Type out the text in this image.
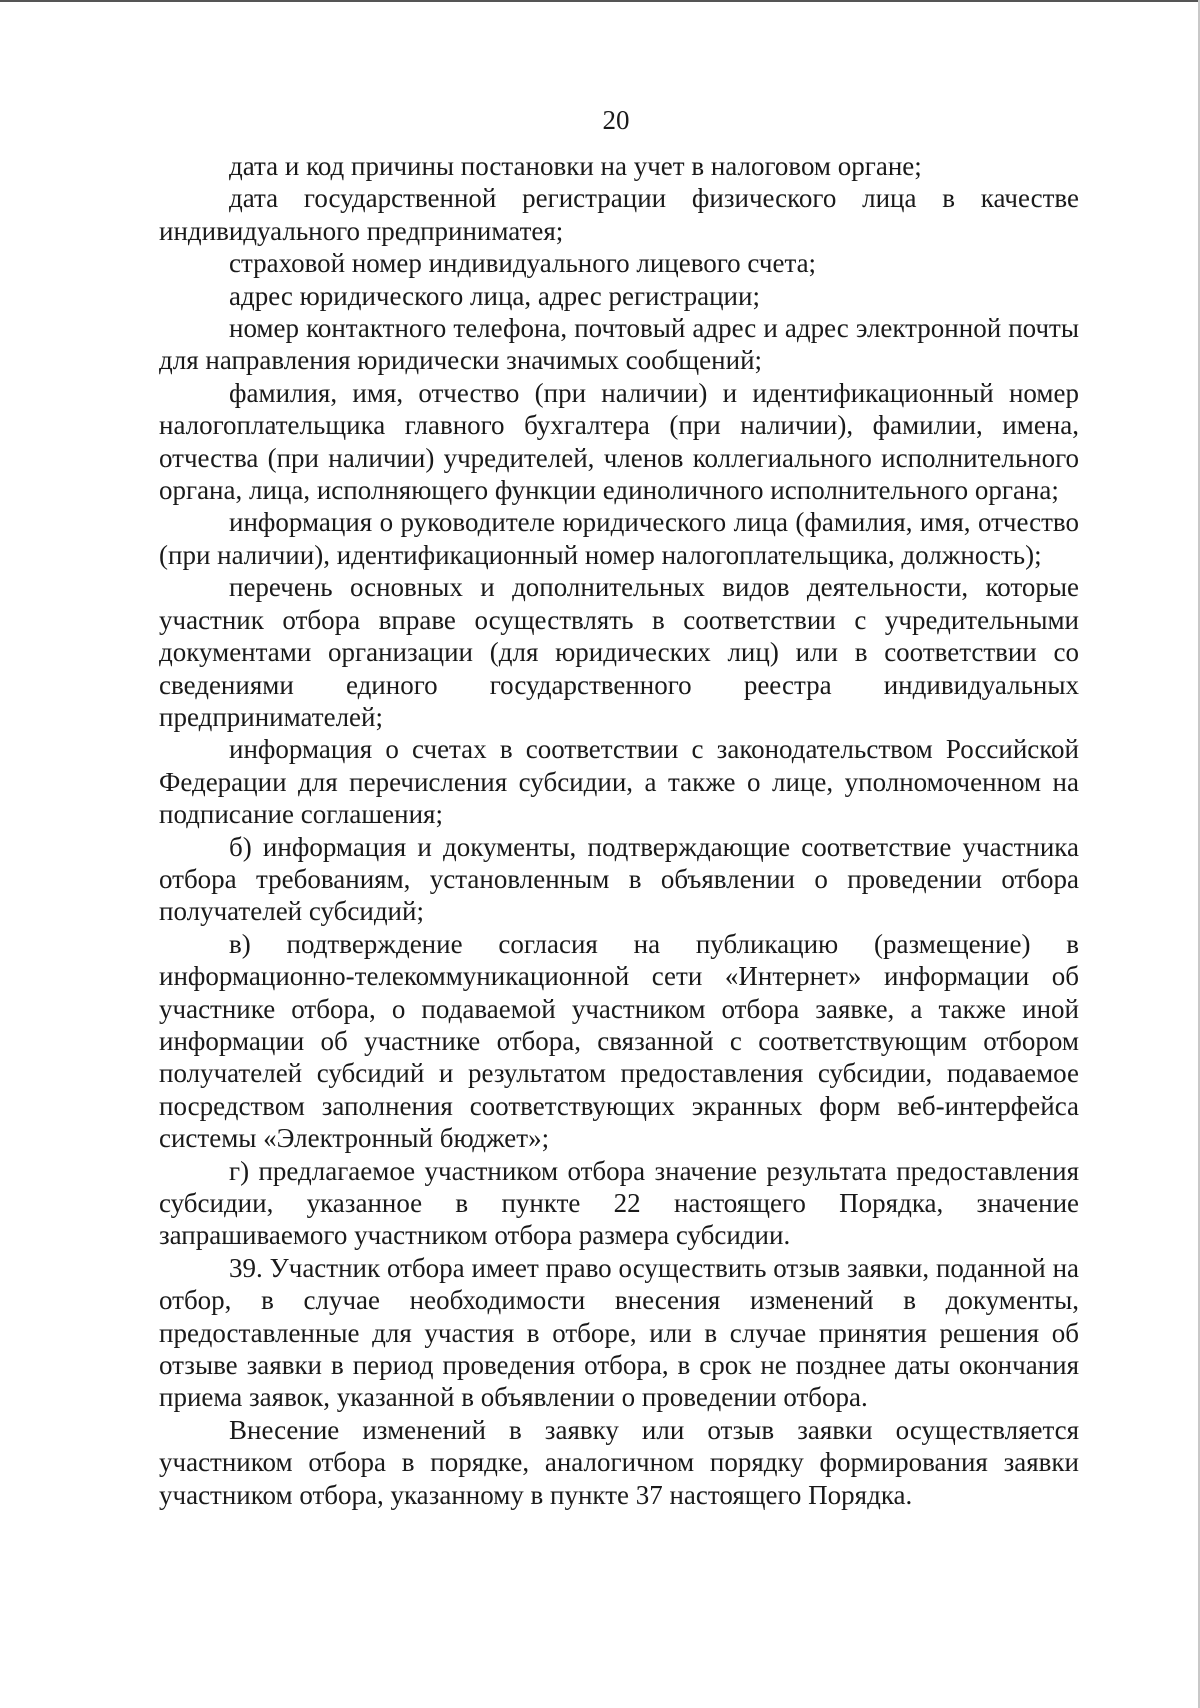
20

дата и код причины постановки на учет в налоговом органе;

дата государственной регистрации физического лица в качестве индивидуального предприниматея;

страховой номер индивидуального лицевого счета;

адрес юридического лица, адрес регистрации;

номер контактного телефона, почтовый адрес и адрес электронной почты для направления юридически значимых сообщений;

фамилия, имя, отчество (при наличии) и идентификационный номер налогоплательщика главного бухгалтера (при наличии), фамилии, имена, отчества (при наличии) учредителей, членов коллегиального исполнительного органа, лица, исполняющего функции единоличного исполнительного органа;

информация о руководителе юридического лица (фамилия, имя, отчество (при наличии), идентификационный номер налогоплательщика, должность);

перечень основных и дополнительных видов деятельности, которые участник отбора вправе осуществлять в соответствии с учредительными документами организации (для юридических лиц) или в соответствии со сведениями единого государственного реестра индивидуальных предпринимателей;

информация о счетах в соответствии с законодательством Российской Федерации для перечисления субсидии, а также о лице, уполномоченном на подписание соглашения;

б) информация и документы, подтверждающие соответствие участника отбора требованиям, установленным в объявлении о проведении отбора получателей субсидий;

в) подтверждение согласия на публикацию (размещение) в информационно-телекоммуникационной сети «Интернет» информации об участнике отбора, о подаваемой участником отбора заявке, а также иной информации об участнике отбора, связанной с соответствующим отбором получателей субсидий и результатом предоставления субсидии, подаваемое посредством заполнения соответствующих экранных форм веб-интерфейса системы «Электронный бюджет»;

г) предлагаемое участником отбора значение результата предоставления субсидии, указанное в пункте 22 настоящего Порядка, значение запрашиваемого участником отбора размера субсидии.

39. Участник отбора имеет право осуществить отзыв заявки, поданной на отбор, в случае необходимости внесения изменений в документы, предоставленные для участия в отборе, или в случае принятия решения об отзыве заявки в период проведения отбора, в срок не позднее даты окончания приема заявок, указанной в объявлении о проведении отбора.

Внесение изменений в заявку или отзыв заявки осуществляется участником отбора в порядке, аналогичном порядку формирования заявки участником отбора, указанному в пункте 37 настоящего Порядка.
